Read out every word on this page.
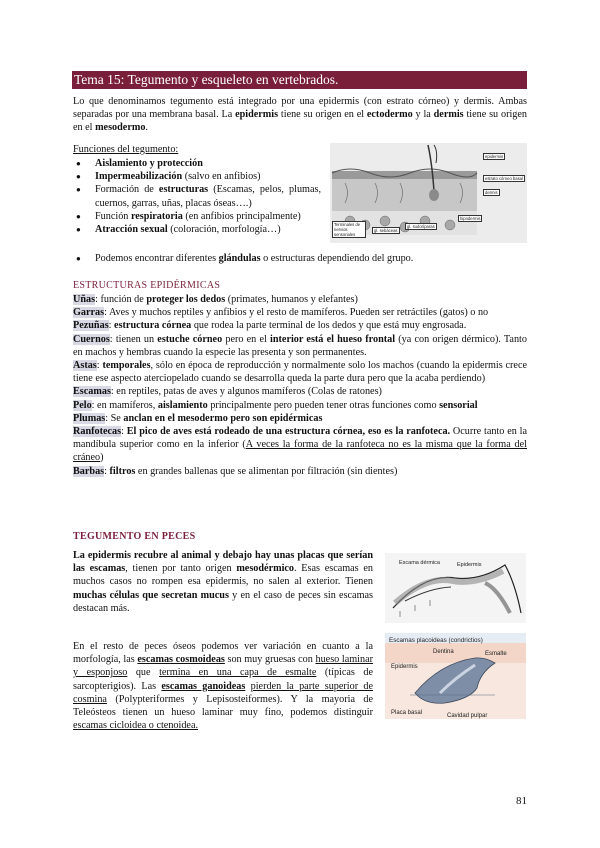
Tema 15: Tegumento y esqueleto en vertebrados.
Lo que denominamos tegumento está integrado por una epidermis (con estrato córneo) y dermis. Ambas separadas por una membrana basal. La epidermis tiene su origen en el ectodermo y la dermis tiene su origen en el mesodermo.
Funciones del tegumento:
● Aislamiento y protección
● Impermeabilización (salvo en anfibios)
● Formación de estructuras (Escamas, pelos, plumas, cuernos, garras, uñas, placas óseas….)
● Función respiratoria (en anfibios principalmente)
● Atracción sexual (coloración, morfología…)
● Podemos encontrar diferentes glándulas o estructuras dependiendo del grupo.
epidermis
estrato córneo basal
dermis
hipodermis
Terminales de nervios sensoriales
gl. sebáceas
gl. sudoríparas
ESTRUCTURAS EPIDÉRMICAS
Uñas: función de proteger los dedos (primates, humanos y elefantes)
Garras: Aves y muchos reptiles y anfibios y el resto de mamíferos. Pueden ser retráctiles (gatos) o no
Pezuñas: estructura córnea que rodea la parte terminal de los dedos y que está muy engrosada.
Cuernos: tienen un estuche córneo pero en el interior está el hueso frontal (ya con origen dérmico). Tanto en machos y hembras cuando la especie las presenta y son permanentes.
Astas: temporales, sólo en época de reproducción y normalmente solo los machos (cuando la epidermis crece tiene ese aspecto aterciopelado cuando se desarrolla queda la parte dura pero que la acaba perdiendo)
Escamas: en reptiles, patas de aves y algunos mamíferos (Colas de ratones)
Pelo: en mamíferos, aislamiento principalmente pero pueden tener otras funciones como sensorial
Plumas: Se anclan en el mesodermo pero son epidérmicas
Ranfotecas: El pico de aves está rodeado de una estructura córnea, eso es la ranfoteca. Ocurre tanto en la mandíbula superior como en la inferior (A veces la forma de la ranfoteca no es la misma que la forma del cráneo)
Barbas: filtros en grandes ballenas que se alimentan por filtración (sin dientes)
TEGUMENTO EN PECES
La epidermis recubre al animal y debajo hay unas placas que serían las escamas, tienen por tanto origen mesodérmico. Esas escamas en muchos casos no rompen esa epidermis, no salen al exterior. Tienen muchas células que secretan mucus y en el caso de peces sin escamas destacan más.
En el resto de peces óseos podemos ver variación en cuanto a la morfología, las escamas cosmoideas son muy gruesas con hueso laminar y esponjoso que termina en una capa de esmalte (típicas de sarcopterigios). Las escamas ganoideas pierden la parte superior de cosmina (Polypteriformes y Lepisosteiformes). Y la mayoria de Teleósteos tienen un hueso laminar muy fino, podemos distinguir escamas cicloidea o ctenoidea.
Escama dérmica	Epidermis
Escamas placoideas (condrictios)
Dentina	Esmalte
Epidermis
Placa basal	Cavidad pulpar
81
